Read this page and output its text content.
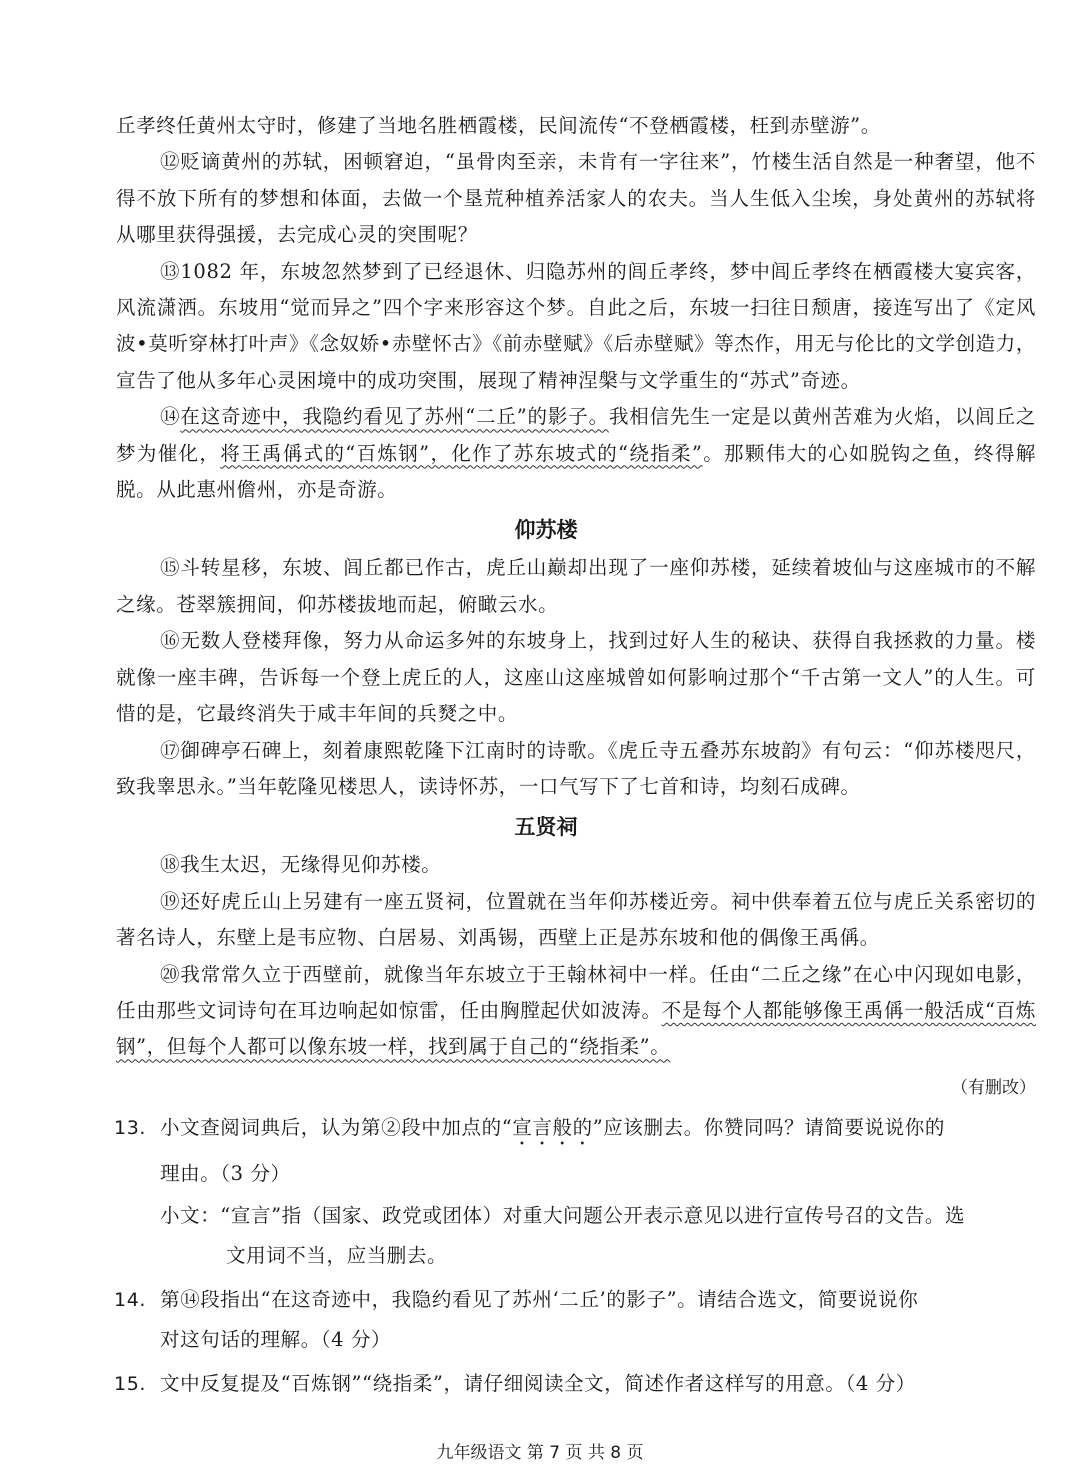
丘孝终任黄州太守时，修建了当地名胜栖霞楼，民间流传“不登栖霞楼，枉到赤壁游”。

⑫贬谪黄州的苏轼，困顿窘迫，“虽骨肉至亲，未肯有一字往来”，竹楼生活自然是一种奢望，他不得不放下所有的梦想和体面，去做一个垦荒种植养活家人的农夫。当人生低入尘埃，身处黄州的苏轼将从哪里获得强援，去完成心灵的突围呢？

⑬1082 年，东坡忽然梦到了已经退休、归隐苏州的闾丘孝终，梦中闾丘孝终在栖霞楼大宴宾客，风流潇洒。东坡用“觉而异之”四个字来形容这个梦。自此之后，东坡一扫往日颓唐，接连写出了《定风波•莫听穿林打叶声》《念奴娇•赤壁怀古》《前赤壁赋》《后赤壁赋》等杰作，用无与伦比的文学创造力，宣告了他从多年心灵困境中的成功突围，展现了精神涅槃与文学重生的“苏式”奇迹。

⑭在这奇迹中，我隐约看见了苏州“二丘”的影子。我相信先生一定是以黄州苦难为火焰，以闾丘之梦为催化，将王禹偁式的“百炼钢”，化作了苏东坡式的“绕指柔”。那颗伟大的心如脱钩之鱼，终得解脱。从此惠州儋州，亦是奇游。

仰苏楼

⑮斗转星移，东坡、闾丘都已作古，虎丘山巅却出现了一座仰苏楼，延续着坡仙与这座城市的不解之缘。苍翠簇拥间，仰苏楼拔地而起，俯瞰云水。

⑯无数人登楼拜像，努力从命运多舛的东坡身上，找到过好人生的秘诀、获得自我拯救的力量。楼就像一座丰碑，告诉每一个登上虎丘的人，这座山这座城曾如何影响过那个“千古第一文人”的人生。可惜的是，它最终消失于咸丰年间的兵燹之中。

⑰御碑亭石碑上，刻着康熙乾隆下江南时的诗歌。《虎丘寺五叠苏东坡韵》有句云：“仰苏楼咫尺，致我睾思永。”当年乾隆见楼思人，读诗怀苏，一口气写下了七首和诗，均刻石成碑。

五贤祠

⑱我生太迟，无缘得见仰苏楼。

⑲还好虎丘山上另建有一座五贤祠，位置就在当年仰苏楼近旁。祠中供奉着五位与虎丘关系密切的著名诗人，东壁上是韦应物、白居易、刘禹锡，西壁上正是苏东坡和他的偶像王禹偁。

⑳我常常久立于西壁前，就像当年东坡立于王翰林祠中一样。任由“二丘之缘”在心中闪现如电影，任由那些文词诗句在耳边响起如惊雷，任由胸膛起伏如波涛。不是每个人都能够像王禹偁一般活成“百炼钢”，但每个人都可以像东坡一样，找到属于自己的“绕指柔”。

（有删改）
13. 小文查阅词典后，认为第②段中加点的“宣言般的”应该删去。你赞同吗？请简要说说你的
理由。（3 分）
小文：“宣言”指（国家、政党或团体）对重大问题公开表示意见以进行宣传号召的文告。选
文用词不当，应当删去。
14. 第⑭段指出“在这奇迹中，我隐约看见了苏州‘二丘’的影子”。请结合选文，简要说说你
对这句话的理解。（4 分）
15. 文中反复提及“百炼钢”“绕指柔”，请仔细阅读全文，简述作者这样写的用意。（4 分）
九年级语文 第 7 页 共 8 页
